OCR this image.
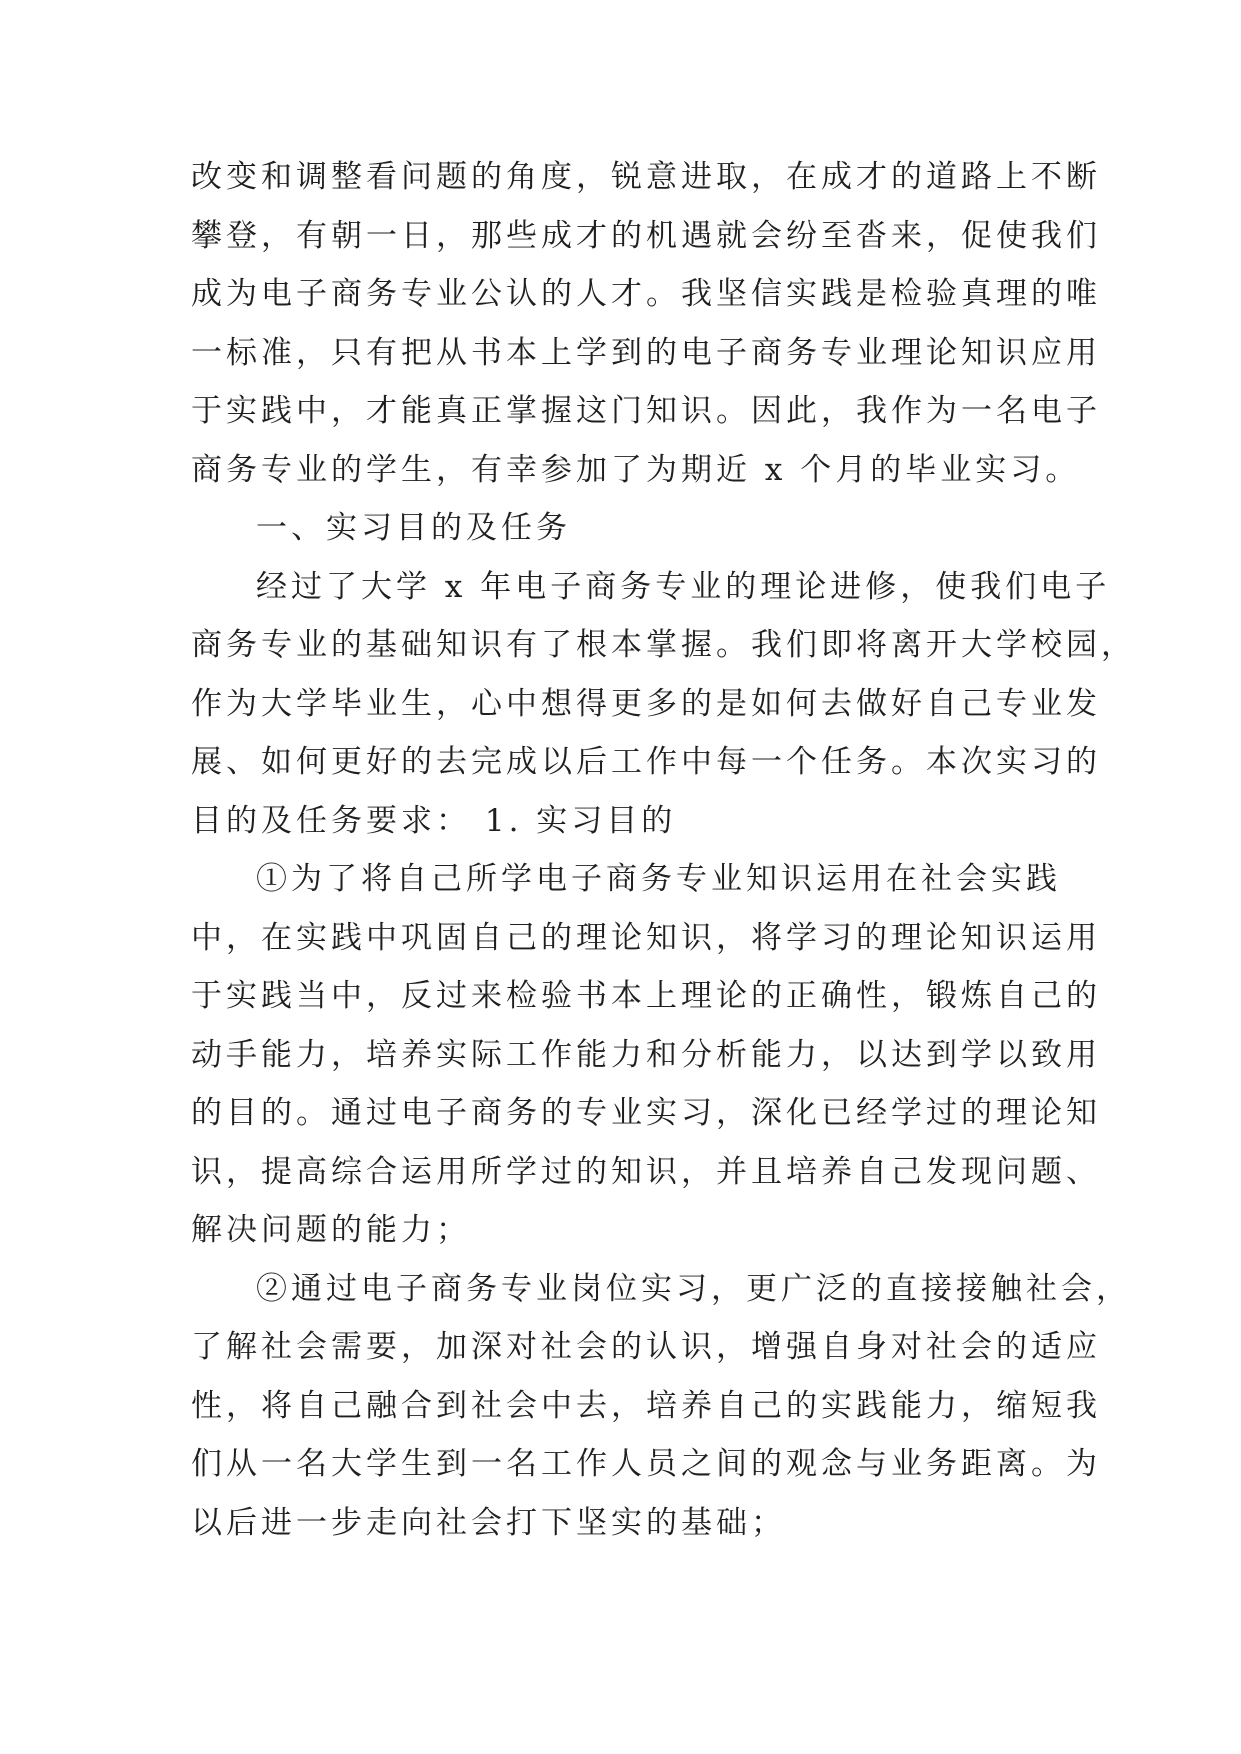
改变和调整看问题的角度，锐意进取，在成才的道路上不断
攀登，有朝一日，那些成才的机遇就会纷至沓来，促使我们
成为电子商务专业公认的人才。我坚信实践是检验真理的唯
一标准，只有把从书本上学到的电子商务专业理论知识应用
于实践中，才能真正掌握这门知识。因此，我作为一名电子
商务专业的学生，有幸参加了为期近 x 个月的毕业实习。
一、实习目的及任务
经过了大学 x 年电子商务专业的理论进修，使我们电子
商务专业的基础知识有了根本掌握。我们即将离开大学校园，
作为大学毕业生，心中想得更多的是如何去做好自己专业发
展、如何更好的去完成以后工作中每一个任务。本次实习的
目的及任务要求： 1. 实习目的
①为了将自己所学电子商务专业知识运用在社会实践
中，在实践中巩固自己的理论知识，将学习的理论知识运用
于实践当中，反过来检验书本上理论的正确性，锻炼自己的
动手能力，培养实际工作能力和分析能力，以达到学以致用
的目的。通过电子商务的专业实习，深化已经学过的理论知
识，提高综合运用所学过的知识，并且培养自己发现问题、
解决问题的能力；
②通过电子商务专业岗位实习，更广泛的直接接触社会，
了解社会需要，加深对社会的认识，增强自身对社会的适应
性，将自己融合到社会中去，培养自己的实践能力，缩短我
们从一名大学生到一名工作人员之间的观念与业务距离。为
以后进一步走向社会打下坚实的基础；
